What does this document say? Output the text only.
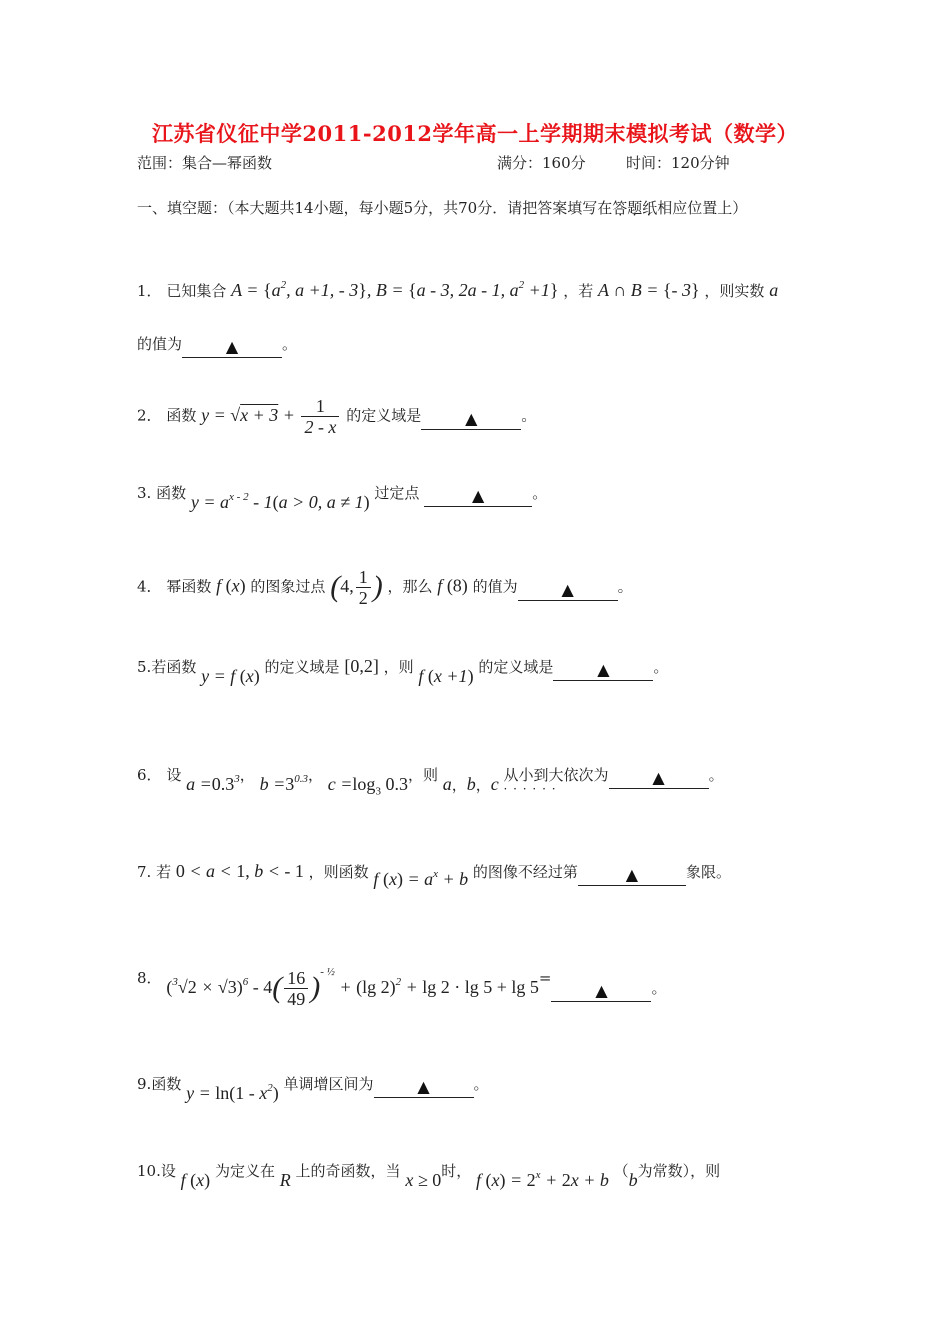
江苏省仪征中学2011-2012学年高一上学期期末模拟考试（数学）
范围：集合—幂函数	满分：160分	时间：120分钟
一、填空题：（本大题共14小题，每小题5分，共70分．请把答案填写在答题纸 · · ·相应位置上）
1． 已知集合 $A = \{a^2$, a +1, - 3}, B = {a - 3, 2a - 1, $a^2 +1$} ，若 A ∩ B = {- 3} ，则实数 a
的值为	▲	。
2． 函数 $y = √x + 3 + \frac{1}{2 - x}$ 的定义域是	▲	。
3. 函数 $y = a^{x - 2} - 1(a > 0$, a ≠ 1) 过定点	▲	。
4． 幂函数 f (x) 的图象过点 (4, $\frac{1}{2}$ ) ，那么 f (8) 的值为	▲	。
5.若函数 y = f (x) 的定义域是 [0,2] ，则 f (x +1) 的定义域是	▲	。
6． 设 $a =0.3^3$， $b =3^{0.3}$， $c =\log_3$ 0.3，则 a，b，c 从小到大依次为 · · ·	▲	。
7. 若 0 < a < 1, b < - 1 ，则函数 f $(x) = a^x + b$ 的图像不经过第	▲	象限。
8． $(^3√2 \times √3)^6 - 4( \frac{16}{49} )^{- \frac{1}{2}} + (\lg$ 2)$^2$ + lg 2 · lg 5 + lg 5=▲	。
9.函数 $y = \ln(1 - x^2)$ 单调增区间为	▲	。
10.设 f (x) 为定义在 R 上的奇函数，当 x ≥ 0时， f $(x) = 2^x + 2x + b$ （b为常数），则
